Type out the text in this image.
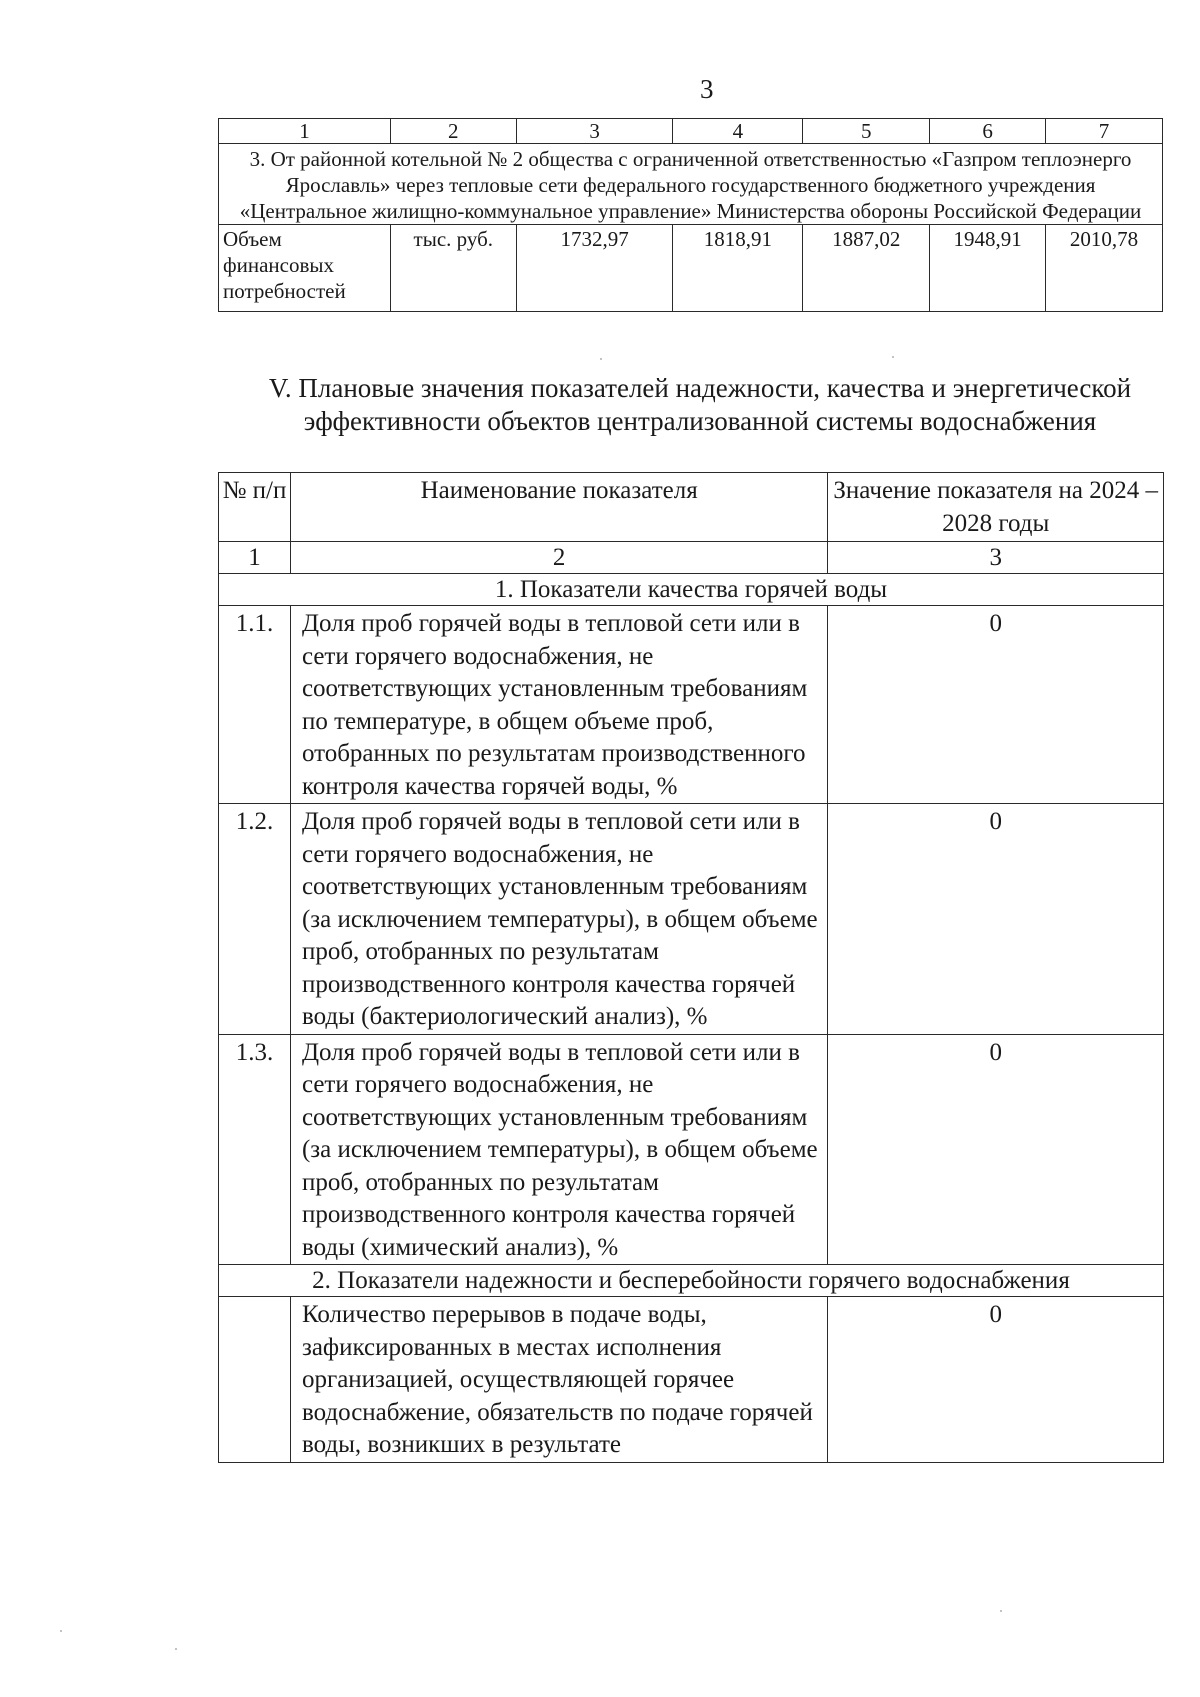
3
1	2	3	4	5	6	7
3. От районной котельной № 2 общества с ограниченной ответственностью «Газпром теплоэнерго Ярославль» через тепловые сети федерального государственного бюджетного учреждения «Центральное жилищно-коммунальное управление» Министерства обороны Российской Федерации						
Объем финансовых потребностей	тыс. руб.	1732,97	1818,91	1887,02	1948,91	2010,78
V. Плановые значения показателей надежности, качества и энергетической эффективности объектов централизованной системы водоснабжения
№ п/п	Наименование показателя	Значение показателя на 2024 – 2028 годы
1	2	3
1. Показатели качества горячей воды		
1.1.	Доля проб горячей воды в тепловой сети или в сети горячего водоснабжения, не соответствующих установленным требованиям по температуре, в общем объеме проб, отобранных по результатам производственного контроля качества горячей воды, %	0
1.2.	Доля проб горячей воды в тепловой сети или в сети горячего водоснабжения, не соответствующих установленным требованиям (за исключением температуры), в общем объеме проб, отобранных по результатам производственного контроля качества горячей воды (бактериологический анализ), %	0
1.3.	Доля проб горячей воды в тепловой сети или в сети горячего водоснабжения, не соответствующих установленным требованиям (за исключением температуры), в общем объеме проб, отобранных по результатам производственного контроля качества горячей воды (химический анализ), %	0
2. Показатели надежности и бесперебойности горячего водоснабжения		
	Количество перерывов в подаче воды, зафиксированных в местах исполнения организацией, осуществляющей горячее водоснабжение, обязательств по подаче горячей воды, возникших в результате	0
